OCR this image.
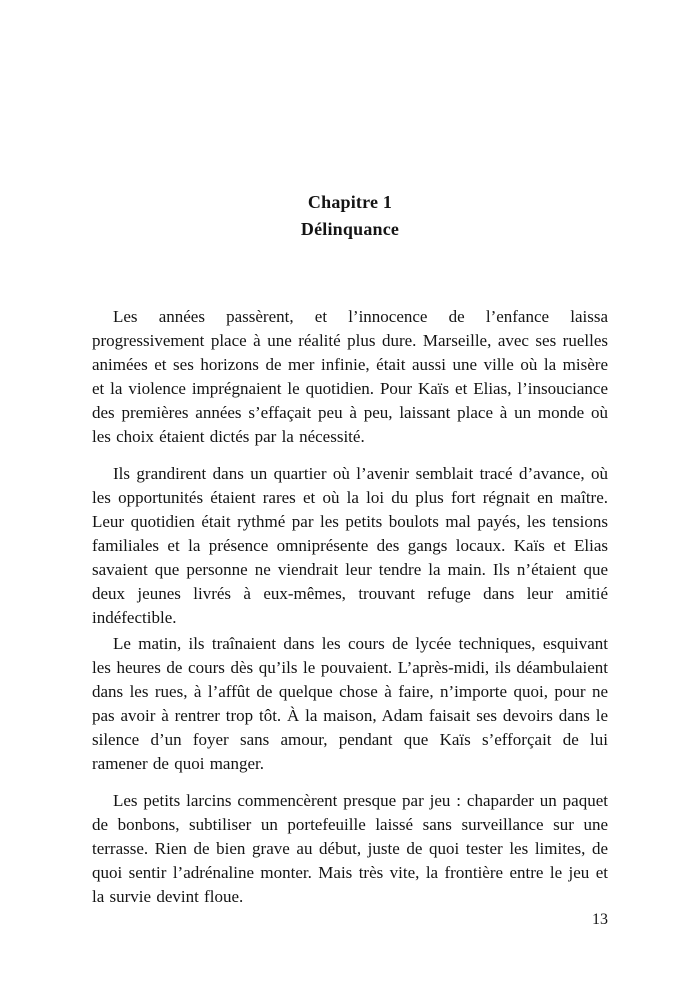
Chapitre 1
Délinquance

Les années passèrent, et l’innocence de l’enfance laissa progressivement place à une réalité plus dure. Marseille, avec ses ruelles animées et ses horizons de mer infinie, était aussi une ville où la misère et la violence imprégnaient le quotidien. Pour Kaïs et Elias, l’insouciance des premières années s’effaçait peu à peu, laissant place à un monde où les choix étaient dictés par la nécessité.

Ils grandirent dans un quartier où l’avenir semblait tracé d’avance, où les opportunités étaient rares et où la loi du plus fort régnait en maître. Leur quotidien était rythmé par les petits boulots mal payés, les tensions familiales et la présence omniprésente des gangs locaux. Kaïs et Elias savaient que personne ne viendrait leur tendre la main. Ils n’étaient que deux jeunes livrés à eux-mêmes, trouvant refuge dans leur amitié indéfectible.

Le matin, ils traînaient dans les cours de lycée techniques, esquivant les heures de cours dès qu’ils le pouvaient. L’après-midi, ils déambulaient dans les rues, à l’affût de quelque chose à faire, n’importe quoi, pour ne pas avoir à rentrer trop tôt. À la maison, Adam faisait ses devoirs dans le silence d’un foyer sans amour, pendant que Kaïs s’efforçait de lui ramener de quoi manger.

Les petits larcins commencèrent presque par jeu : chaparder un paquet de bonbons, subtiliser un portefeuille laissé sans surveillance sur une terrasse. Rien de bien grave au début, juste de quoi tester les limites, de quoi sentir l’adrénaline monter. Mais très vite, la frontière entre le jeu et la survie devint floue.

13
